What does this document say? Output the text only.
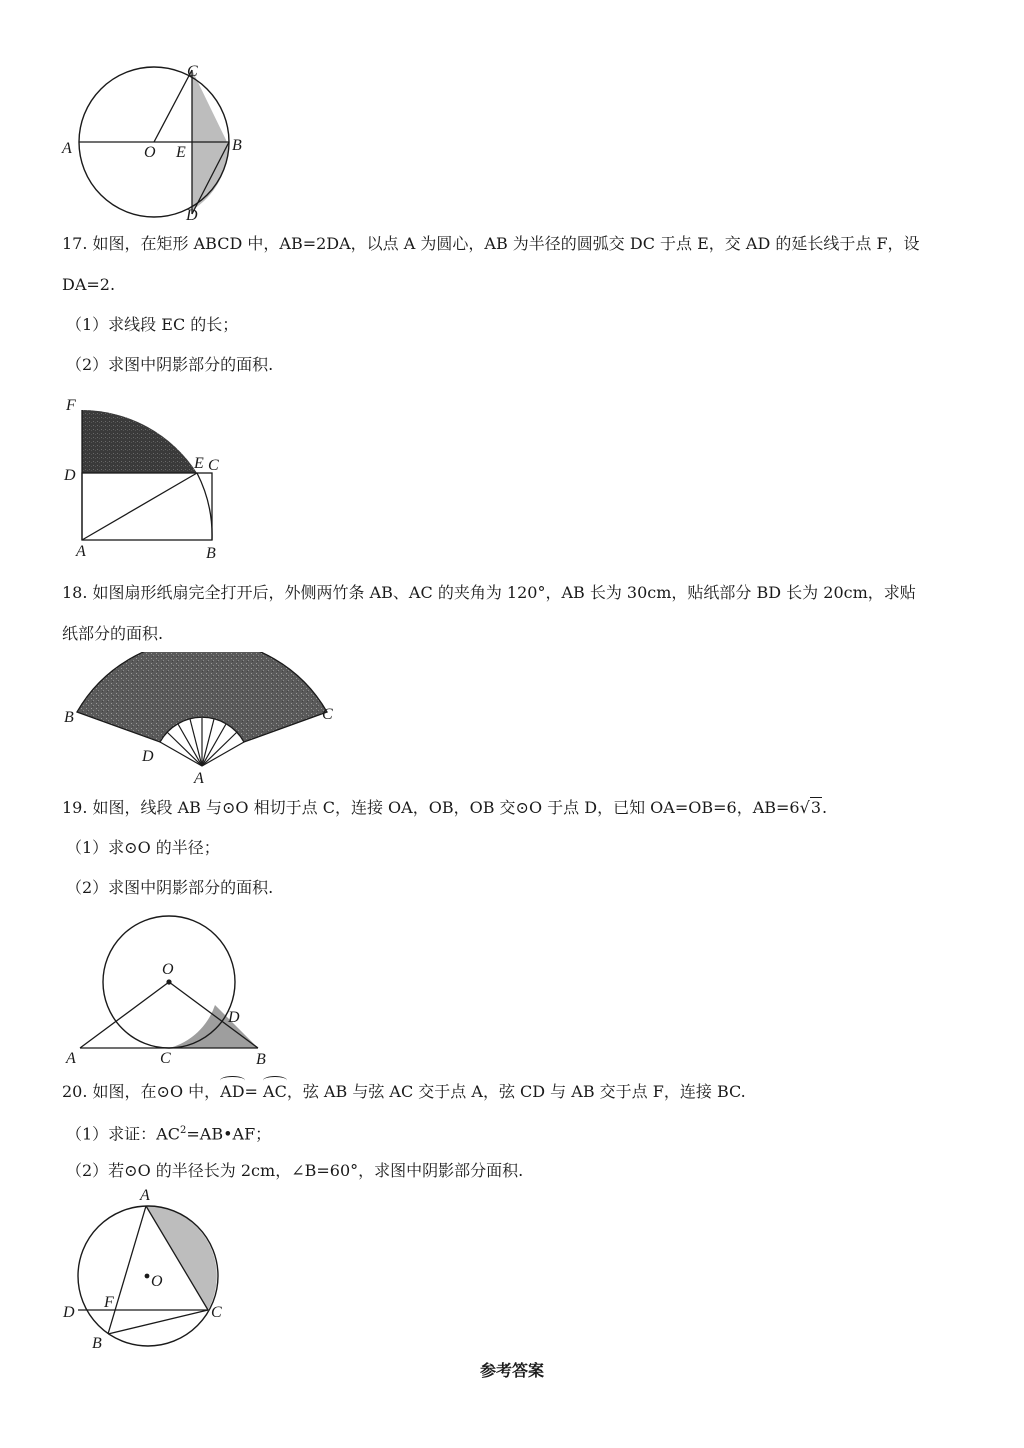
A	O E	B
C
D
17. 如图，在矩形 ABCD 中，AB=2DA，以点 A 为圆心，AB 为半径的圆弧交 DC 于点 E，交 AD 的延长线于点 F，设
DA=2.
（1）求线段 EC 的长；
（2）求图中阴影部分的面积.
F
D
E C
A	B
18. 如图扇形纸扇完全打开后，外侧两竹条 AB、AC 的夹角为 120°，AB 长为 30cm，贴纸部分 BD 长为 20cm，求贴
纸部分的面积.
B	C
D
A
19. 如图，线段 AB 与⊙O 相切于点 C，连接 OA，OB，OB 交⊙O 于点 D，已知 OA=OB=6，AB=6√3.
（1）求⊙O 的半径；
（2）求图中阴影部分的面积.
O
D
A	C	B
20. 如图，在⊙O 中，AD= AC，弦 AB 与弦 AC 交于点 A，弦 CD 与 AB 交于点 F，连接 BC.
（1）求证：$AC^2=AB•AF$；
（2）若⊙O 的半径长为 2cm，∠B=60°，求图中阴影部分面积.
A
O
D
F
C
B
参考答案
